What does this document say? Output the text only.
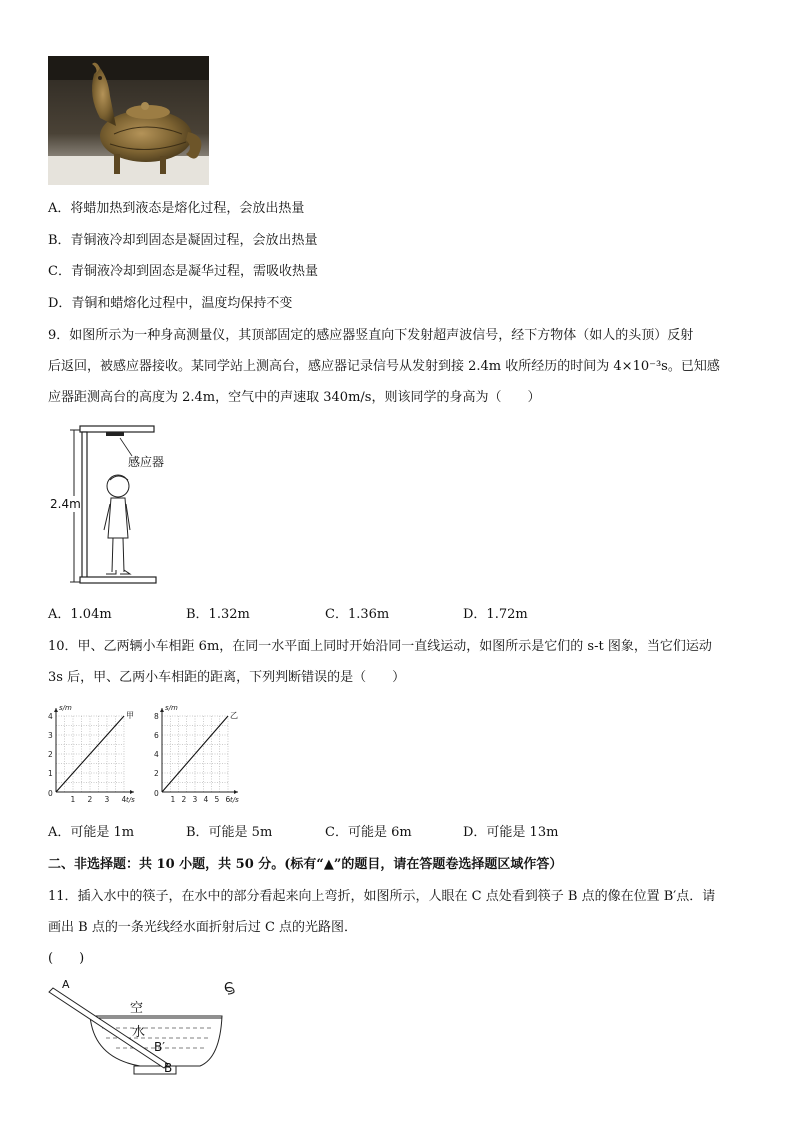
A．将蜡加热到液态是熔化过程，会放出热量
B．青铜液冷却到固态是凝固过程，会放出热量
C．青铜液冷却到固态是凝华过程，需吸收热量
D．青铜和蜡熔化过程中，温度均保持不变
9．如图所示为一种身高测量仪，其顶部固定的感应器竖直向下发射超声波信号，经下方物体（如人的头顶）反射
后返回，被感应器接收。某同学站上测高台，感应器记录信号从发射到接 2.4m 收所经历的时间为 4×10⁻³s。已知感
应器距测高台的高度为 2.4m，空气中的声速取 340m/s，则该同学的身高为（　　）
2.4m
感应器
A．1.04m	B．1.32m	C．1.36m	D．1.72m
10．甲、乙两辆小车相距 6m，在同一水平面上同时开始沿同一直线运动，如图所示是它们的 s-t 图象，当它们运动
3s 后，甲、乙两小车相距的距离，下列判断错误的是（　　）
1 2 3 4
1
2
3
4
0
t/s
s/m
甲
1 2 3 4 5 6
2
4
6
8
0
t/s
s/m
乙
A．可能是 1m	B．可能是 5m	C．可能是 6m	D．可能是 13m
二、非选择题：共 10 小题，共 50 分。(标有“▲”的题目，请在答题卷选择题区域作答）
11．插入水中的筷子，在水中的部分看起来向上弯折，如图所示，人眼在 C 点处看到筷子 B 点的像在位置 B′点．请
画出 B 点的一条光线经水面折射后过 C 点的光路图．
(　　)
A	C
空
水
B′
B
